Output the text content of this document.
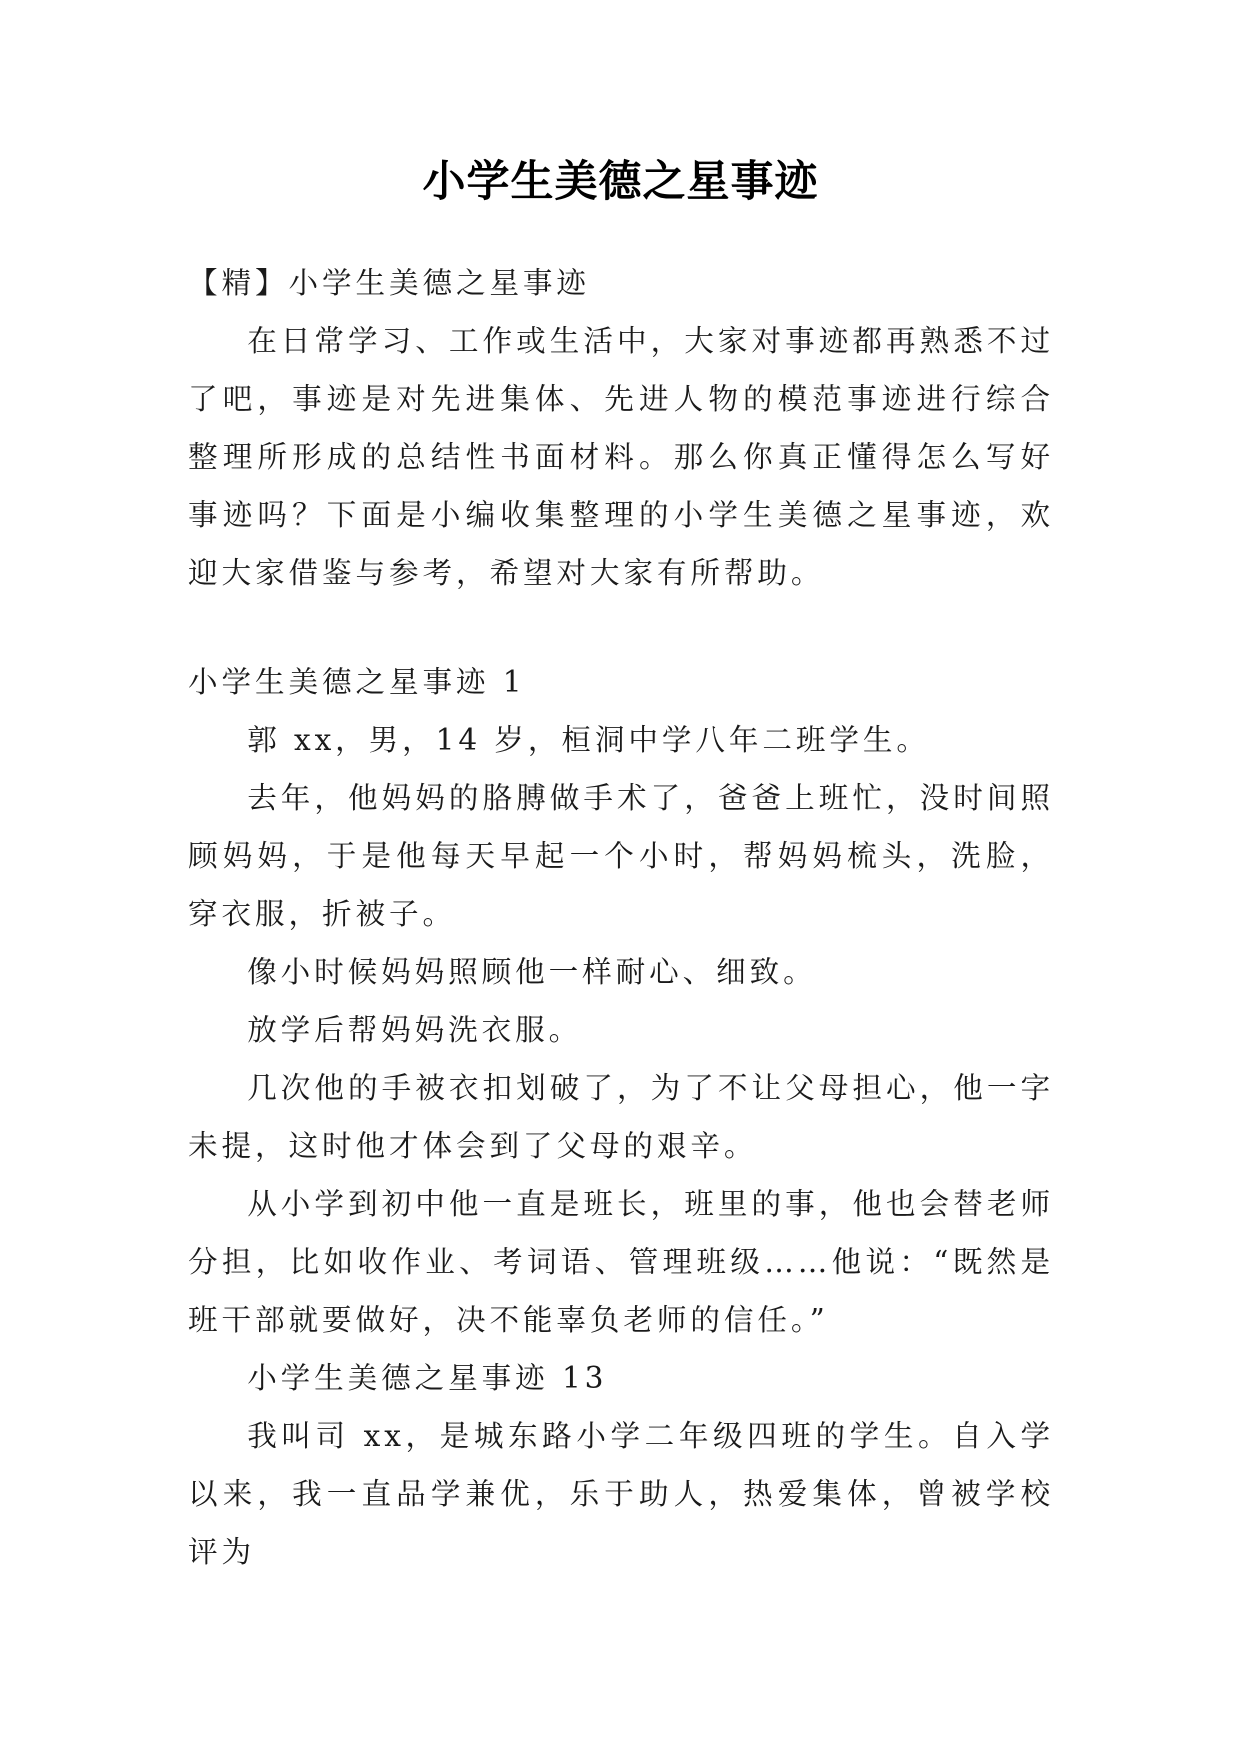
小学生美德之星事迹

【精】小学生美德之星事迹

在日常学习、工作或生活中，大家对事迹都再熟悉不过了吧，事迹是对先进集体、先进人物的模范事迹进行综合整理所形成的总结性书面材料。那么你真正懂得怎么写好事迹吗？下面是小编收集整理的小学生美德之星事迹，欢迎大家借鉴与参考，希望对大家有所帮助。

小学生美德之星事迹 1

郭 xx，男，14 岁，桓洞中学八年二班学生。

去年，他妈妈的胳膊做手术了，爸爸上班忙，没时间照顾妈妈，于是他每天早起一个小时，帮妈妈梳头，洗脸，穿衣服，折被子。

像小时候妈妈照顾他一样耐心、细致。

放学后帮妈妈洗衣服。

几次他的手被衣扣划破了，为了不让父母担心，他一字未提，这时他才体会到了父母的艰辛。

从小学到初中他一直是班长，班里的事，他也会替老师分担，比如收作业、考词语、管理班级……他说：“既然是班干部就要做好，决不能辜负老师的信任。”

小学生美德之星事迹 13

我叫司 xx，是城东路小学二年级四班的学生。自入学以来，我一直品学兼优，乐于助人，热爱集体，曾被学校评为
